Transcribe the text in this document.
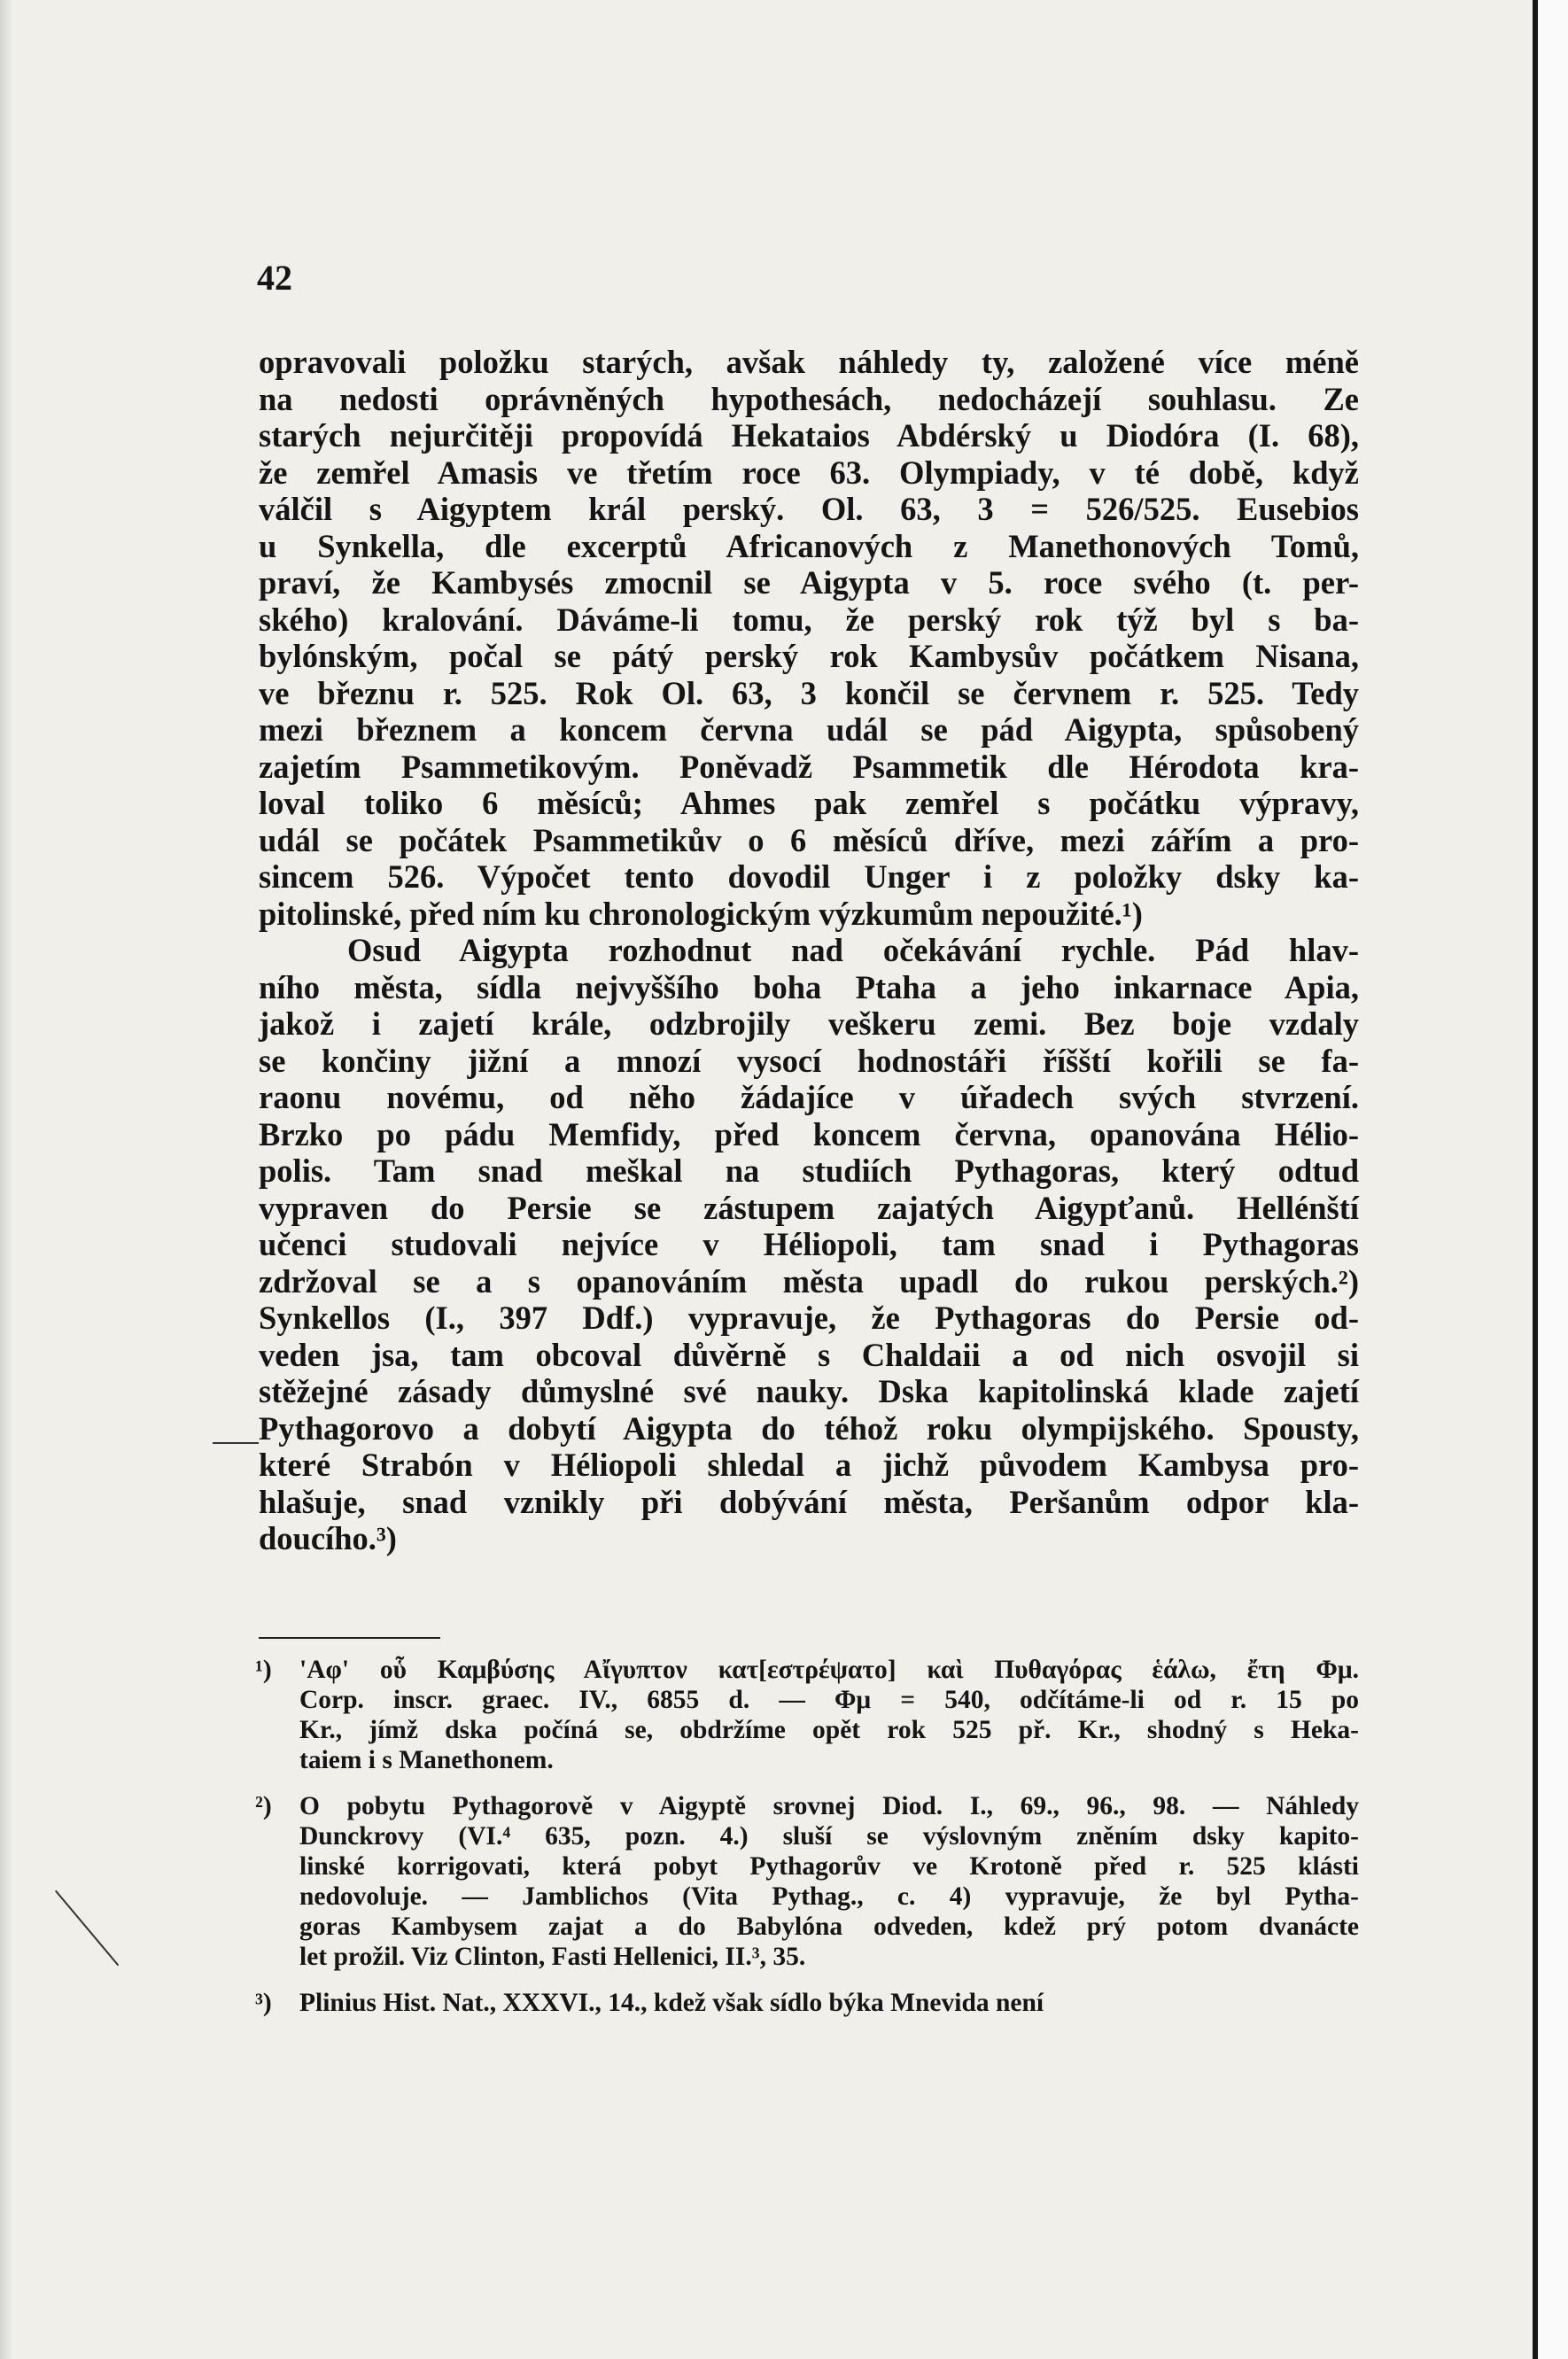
42

opravovali položku starých, avšak náhledy ty, založené více méně
na nedosti oprávněných hypothesách, nedocházejí souhlasu. Ze
starých nejurčitěji propovídá Hekataios Abdérský u Diodóra (I. 68),
že zemřel Amasis ve třetím roce 63. Olympiady, v té době, když
válčil s Aigyptem král perský. Ol. 63, 3 = 526/525. Eusebios
u Synkella, dle excerptů Africanových z Manethonových Tomů,
praví, že Kambysés zmocnil se Aigypta v 5. roce svého (t. per-
ského) kralování. Dáváme-li tomu, že perský rok týž byl s ba-
bylónským, počal se pátý perský rok Kambysův počátkem Nisana,
ve březnu r. 525. Rok Ol. 63, 3 končil se červnem r. 525. Tedy
mezi březnem a koncem června udál se pád Aigypta, spůsobený
zajetím Psammetikovým. Poněvadž Psammetik dle Hérodota kra-
loval toliko 6 měsíců; Ahmes pak zemřel s počátku výpravy,
udál se počátek Psammetikův o 6 měsíců dříve, mezi zářím a pro-
sincem 526. Výpočet tento dovodil Unger i z položky dsky ka-
pitolinské, před ním ku chronologickým výzkumům nepoužité.¹)

Osud Aigypta rozhodnut nad očekávání rychle. Pád hlav-
ního města, sídla nejvyššího boha Ptaha a jeho inkarnace Apia,
jakož i zajetí krále, odzbrojily veškeru zemi. Bez boje vzdaly
se končiny jižní a mnozí vysocí hodnostáři říšští kořili se fa-
raonu novému, od něho žádajíce v úřadech svých stvrzení.
Brzko po pádu Memfidy, před koncem června, opanována Hélio-
polis. Tam snad meškal na studiích Pythagoras, který odtud
vypraven do Persie se zástupem zajatých Aigypťanů. Hellénští
učenci studovali nejvíce v Héliopoli, tam snad i Pythagoras
zdržoval se a s opanováním města upadl do rukou perských.²)
Synkellos (I., 397 Ddf.) vypravuje, že Pythagoras do Persie od-
veden jsa, tam obcoval důvěrně s Chaldaii a od nich osvojil si
stěžejné zásady důmyslné své nauky. Dska kapitolinská klade zajetí
Pythagorovo a dobytí Aigypta do téhož roku olympijského. Spousty,
které Strabón v Héliopoli shledal a jichž původem Kambysa pro-
hlašuje, snad vznikly při dobývání města, Peršanům odpor kla-
doucího.³)

¹) 'Αφ' οὗ Καμβύσης Αἴγυπτον κατ[εστρέψατο] καὶ Πυθαγόρας ἑάλω, ἔτη Φμ.
Corp. inscr. graec. IV., 6855 d. — Φμ = 540, odčítáme-li od r. 15 po
Kr., jímž dska počíná se, obdržíme opět rok 525 př. Kr., shodný s Heka-
taiem i s Manethonem.
²) O pobytu Pythagorově v Aigyptě srovnej Diod. I., 69., 96., 98. — Náhledy
Dunckrovy (VI.⁴ 635, pozn. 4.) sluší se výslovným zněním dsky kapito-
linské korrigovati, která pobyt Pythagorův ve Krotoně před r. 525 klásti
nedovoluje. — Jamblichos (Vita Pythag., c. 4) vypravuje, že byl Pytha-
goras Kambysem zajat a do Babylóna odveden, kdež prý potom dvanácte
let prožil. Viz Clinton, Fasti Hellenici, II.³, 35.
³) Plinius Hist. Nat., XXXVI., 14., kdež však sídlo býka Mnevida není
